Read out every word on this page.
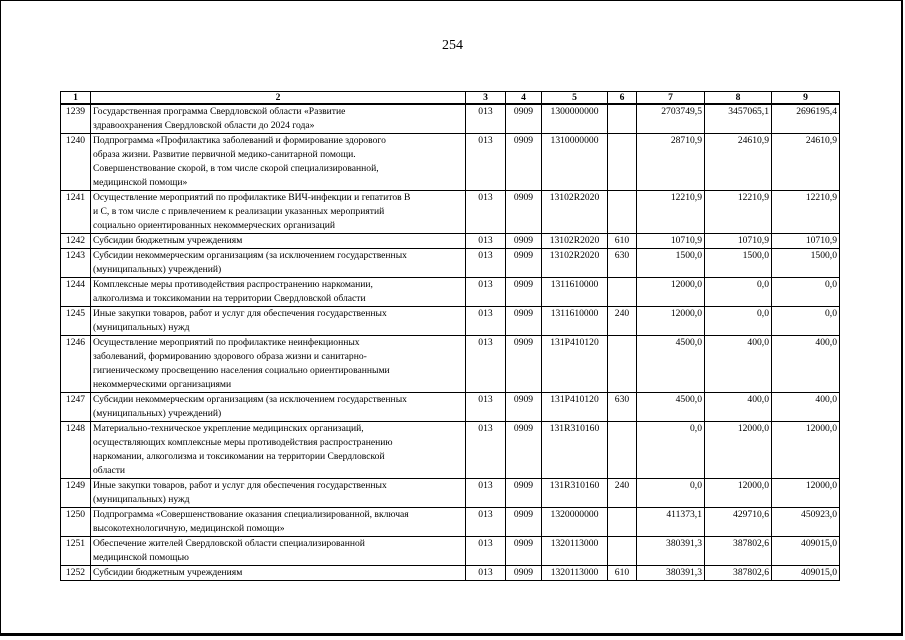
254
1	2	3	4	5	6	7	8	9
1239	Государственная программа Свердловской области «Развитие
здравоохранения Свердловской области до 2024 года»	013	0909	1300000000		2703749,5	3457065,1	2696195,4
1240	Подпрограмма «Профилактика заболеваний и формирование здорового
образа жизни. Развитие первичной медико-санитарной помощи.
Совершенствование скорой, в том числе скорой специализированной,
медицинской помощи»	013	0909	1310000000		28710,9	24610,9	24610,9
1241	Осуществление мероприятий по профилактике ВИЧ-инфекции и гепатитов В
и С, в том числе с привлечением к реализации указанных мероприятий
социально ориентированных некоммерческих организаций	013	0909	13102R2020		12210,9	12210,9	12210,9
1242	Субсидии бюджетным учреждениям	013	0909	13102R2020	610	10710,9	10710,9	10710,9
1243	Субсидии некоммерческим организациям (за исключением государственных
(муниципальных) учреждений)	013	0909	13102R2020	630	1500,0	1500,0	1500,0
1244	Комплексные меры противодействия распространению наркомании,
алкоголизма и токсикомании на территории Свердловской области	013	0909	1311610000		12000,0	0,0	0,0
1245	Иные закупки товаров, работ и услуг для обеспечения государственных
(муниципальных) нужд	013	0909	1311610000	240	12000,0	0,0	0,0
1246	Осуществление мероприятий по профилактике неинфекционных
заболеваний, формированию здорового образа жизни и санитарно-
гигиеническому просвещению населения социально ориентированными
некоммерческими организациями	013	0909	131P410120		4500,0	400,0	400,0
1247	Субсидии некоммерческим организациям (за исключением государственных
(муниципальных) учреждений)	013	0909	131P410120	630	4500,0	400,0	400,0
1248	Материально-техническое укрепление медицинских организаций,
осуществляющих комплексные меры противодействия распространению
наркомании, алкоголизма и токсикомании на территории Свердловской
области	013	0909	131R310160		0,0	12000,0	12000,0
1249	Иные закупки товаров, работ и услуг для обеспечения государственных
(муниципальных) нужд	013	0909	131R310160	240	0,0	12000,0	12000,0
1250	Подпрограмма «Совершенствование оказания специализированной, включая
высокотехнологичную, медицинской помощи»	013	0909	1320000000		411373,1	429710,6	450923,0
1251	Обеспечение жителей Свердловской области специализированной
медицинской помощью	013	0909	1320113000		380391,3	387802,6	409015,0
1252	Субсидии бюджетным учреждениям	013	0909	1320113000	610	380391,3	387802,6	409015,0
